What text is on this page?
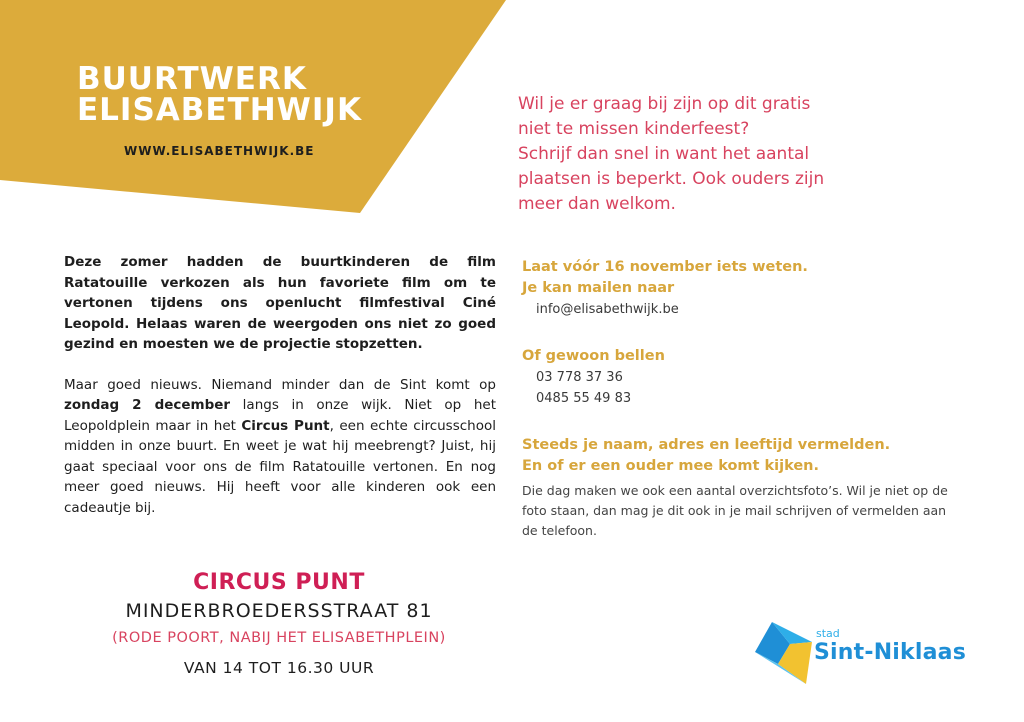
BUURTWERK
ELISABETHWIJK
WWW.ELISABETHWIJK.BE

Wil je er graag bij zijn op dit gratis

niet te missen kinderfeest?

Schrijf dan snel in want het aantal

plaatsen is beperkt. Ook ouders zijn

meer dan welkom.

Deze zomer hadden de buurtkinderen de film Ratatouille verkozen als hun favoriete film om te vertonen tijdens ons openlucht filmfestival Ciné Leopold. Helaas waren de weergoden ons niet zo goed gezind en moesten we de projectie stopzetten.

Maar goed nieuws. Niemand minder dan de Sint komt op zondag 2 december langs in onze wijk. Niet op het Leopoldplein maar in het Circus Punt, een echte circusschool midden in onze buurt. En weet je wat hij meebrengt? Juist, hij gaat speciaal voor ons de film Ratatouille vertonen. En nog meer goed nieuws. Hij heeft voor alle kinderen ook een cadeautje bij.

CIRCUS PUNT
MINDERBROEDERSSTRAAT 81
(RODE POORT, NABIJ HET ELISABETHPLEIN)
VAN 14 TOT 16.30 UUR

Laat vóór 16 november iets weten.

Je kan mailen naar

info@elisabethwijk.be

Of gewoon bellen

03 778 37 36

0485 55 49 83

Steeds je naam, adres en leeftijd vermelden.

En of er een ouder mee komt kijken.

Die dag maken we ook een aantal overzichtsfoto’s. Wil je niet op de foto staan, dan mag je dit ook in je mail schrijven of vermelden aan de telefoon.

stad
Sint-Niklaas
